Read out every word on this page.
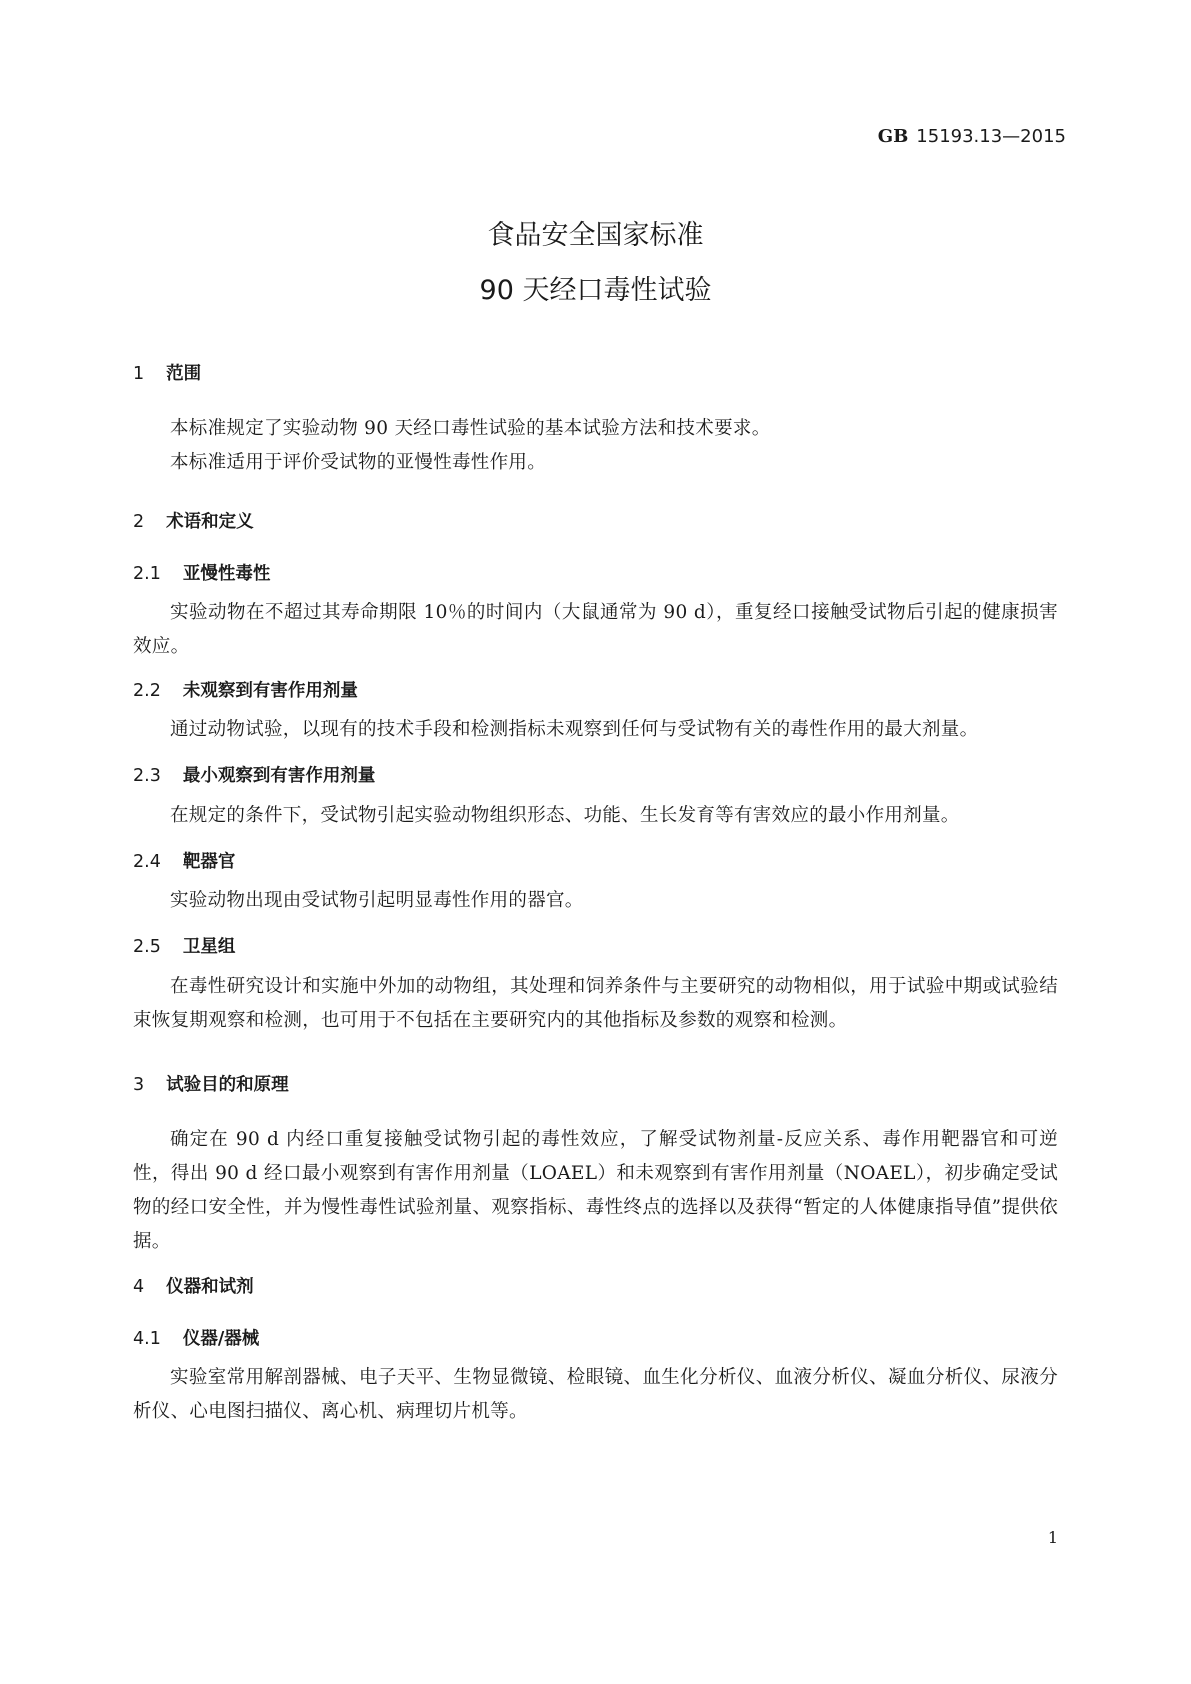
GB 15193.13—2015
食品安全国家标准
90 天经口毒性试验
1 范围
本标准规定了实验动物 90 天经口毒性试验的基本试验方法和技术要求。
本标准适用于评价受试物的亚慢性毒性作用。
2 术语和定义
2.1 亚慢性毒性
实验动物在不超过其寿命期限 10％的时间内（大鼠通常为 90 d），重复经口接触受试物后引起的健康损害效应。
2.2 未观察到有害作用剂量
通过动物试验，以现有的技术手段和检测指标未观察到任何与受试物有关的毒性作用的最大剂量。
2.3 最小观察到有害作用剂量
在规定的条件下，受试物引起实验动物组织形态、功能、生长发育等有害效应的最小作用剂量。
2.4 靶器官
实验动物出现由受试物引起明显毒性作用的器官。
2.5 卫星组
在毒性研究设计和实施中外加的动物组，其处理和饲养条件与主要研究的动物相似，用于试验中期或试验结束恢复期观察和检测，也可用于不包括在主要研究内的其他指标及参数的观察和检测。
3 试验目的和原理
确定在 90 d 内经口重复接触受试物引起的毒性效应，了解受试物剂量-反应关系、毒作用靶器官和可逆性，得出 90 d 经口最小观察到有害作用剂量（LOAEL）和未观察到有害作用剂量（NOAEL），初步确定受试物的经口安全性，并为慢性毒性试验剂量、观察指标、毒性终点的选择以及获得“暂定的人体健康指导值”提供依据。
4 仪器和试剂
4.1 仪器/器械
实验室常用解剖器械、电子天平、生物显微镜、检眼镜、血生化分析仪、血液分析仪、凝血分析仪、尿液分析仪、心电图扫描仪、离心机、病理切片机等。
1
